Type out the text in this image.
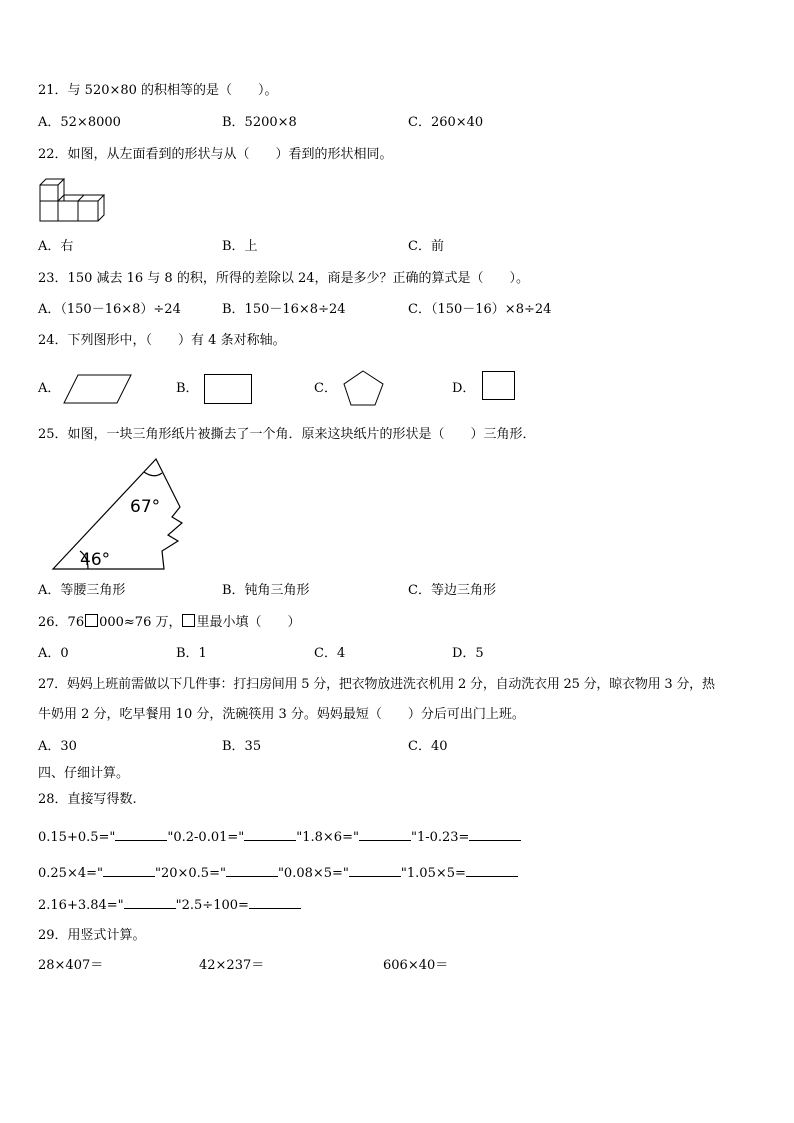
21．与 520×80 的积相等的是（　　）。
A．52×8000	B．5200×8	C．260×40
22．如图，从左面看到的形状与从（　　）看到的形状相同。
A．右	B．上	C．前
23．150 减去 16 与 8 的积，所得的差除以 24，商是多少？正确的算式是（　　）。
A．（150－16×8）÷24	B．150－16×8÷24	C．（150－16）×8÷24
24．下列图形中，（　　）有 4 条对称轴。
A．	B．	C．	D．
25．如图，一块三角形纸片被撕去了一个角．原来这块纸片的形状是（　　）三角形．
67°
46°
A．等腰三角形	B．钝角三角形	C．等边三角形
26．76 000≈76 万， 里最小填（　　）
A．0	B．1	C．4	D．5
27．妈妈上班前需做以下几件事：打扫房间用 5 分，把衣物放进洗衣机用 2 分，自动洗衣用 25 分，晾衣物用 3 分，热
牛奶用 2 分，吃早餐用 10 分，洗碗筷用 3 分。妈妈最短（　　）分后可出门上班。
A．30	B．35	C．40
四、仔细计算。
28．直接写得数.
0.15+0.5="	"0.2-0.01="	"1.8×6="	"1-0.23=
0.25×4="	"20×0.5="	"0.08×5="	"1.05×5=
2.16+3.84="	"2.5÷100=
29．用竖式计算。
28×407＝	42×237＝	606×40＝
